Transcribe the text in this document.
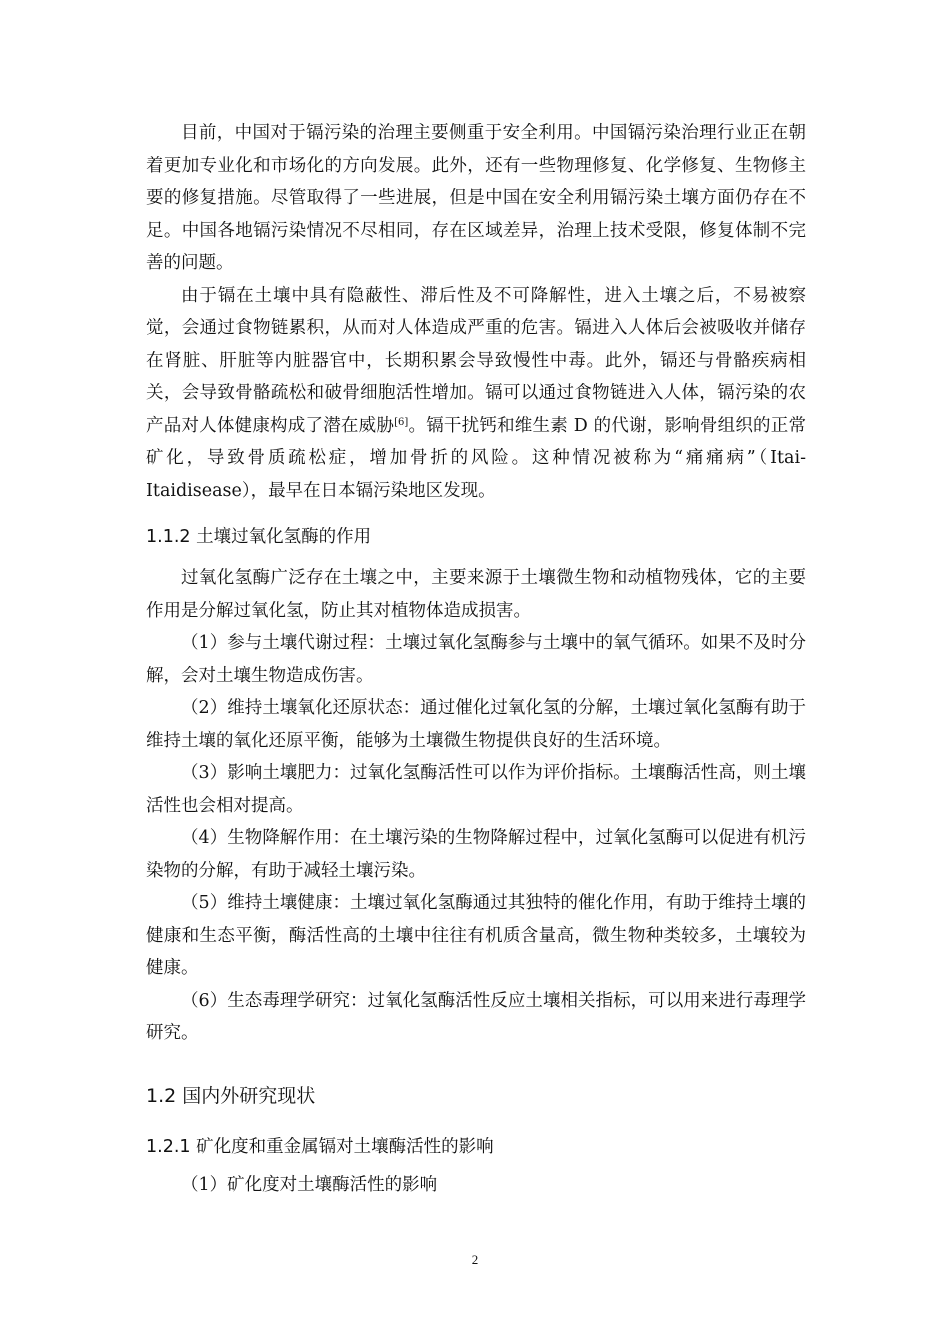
目前，中国对于镉污染的治理主要侧重于安全利用。中国镉污染治理行业正在朝着更加专业化和市场化的方向发展。此外，还有一些物理修复、化学修复、生物修主要的修复措施。尽管取得了一些进展，但是中国在安全利用镉污染土壤方面仍存在不足。中国各地镉污染情况不尽相同，存在区域差异，治理上技术受限，修复体制不完善的问题。

由于镉在土壤中具有隐蔽性、滞后性及不可降解性，进入土壤之后，不易被察觉，会通过食物链累积，从而对人体造成严重的危害。镉进入人体后会被吸收并储存在肾脏、肝脏等内脏器官中，长期积累会导致慢性中毒。此外，镉还与骨骼疾病相关，会导致骨骼疏松和破骨细胞活性增加。镉可以通过食物链进入人体，镉污染的农产品对人体健康构成了潜在威胁[6]。镉干扰钙和维生素 D 的代谢，影响骨组织的正常矿化，导致骨质疏松症，增加骨折的风险。这种情况被称为“痛痛病”（Itai-Itaidisease），最早在日本镉污染地区发现。

1.1.2 土壤过氧化氢酶的作用

过氧化氢酶广泛存在土壤之中，主要来源于土壤微生物和动植物残体，它的主要作用是分解过氧化氢，防止其对植物体造成损害。

（1）参与土壤代谢过程：土壤过氧化氢酶参与土壤中的氧气循环。如果不及时分解，会对土壤生物造成伤害。

（2）维持土壤氧化还原状态：通过催化过氧化氢的分解，土壤过氧化氢酶有助于维持土壤的氧化还原平衡，能够为土壤微生物提供良好的生活环境。

（3）影响土壤肥力：过氧化氢酶活性可以作为评价指标。土壤酶活性高，则土壤活性也会相对提高。

（4）生物降解作用：在土壤污染的生物降解过程中，过氧化氢酶可以促进有机污染物的分解，有助于减轻土壤污染。

（5）维持土壤健康：土壤过氧化氢酶通过其独特的催化作用，有助于维持土壤的健康和生态平衡，酶活性高的土壤中往往有机质含量高，微生物种类较多，土壤较为健康。

（6）生态毒理学研究：过氧化氢酶活性反应土壤相关指标，可以用来进行毒理学研究。

1.2 国内外研究现状
1.2.1 矿化度和重金属镉对土壤酶活性的影响

（1）矿化度对土壤酶活性的影响

2
